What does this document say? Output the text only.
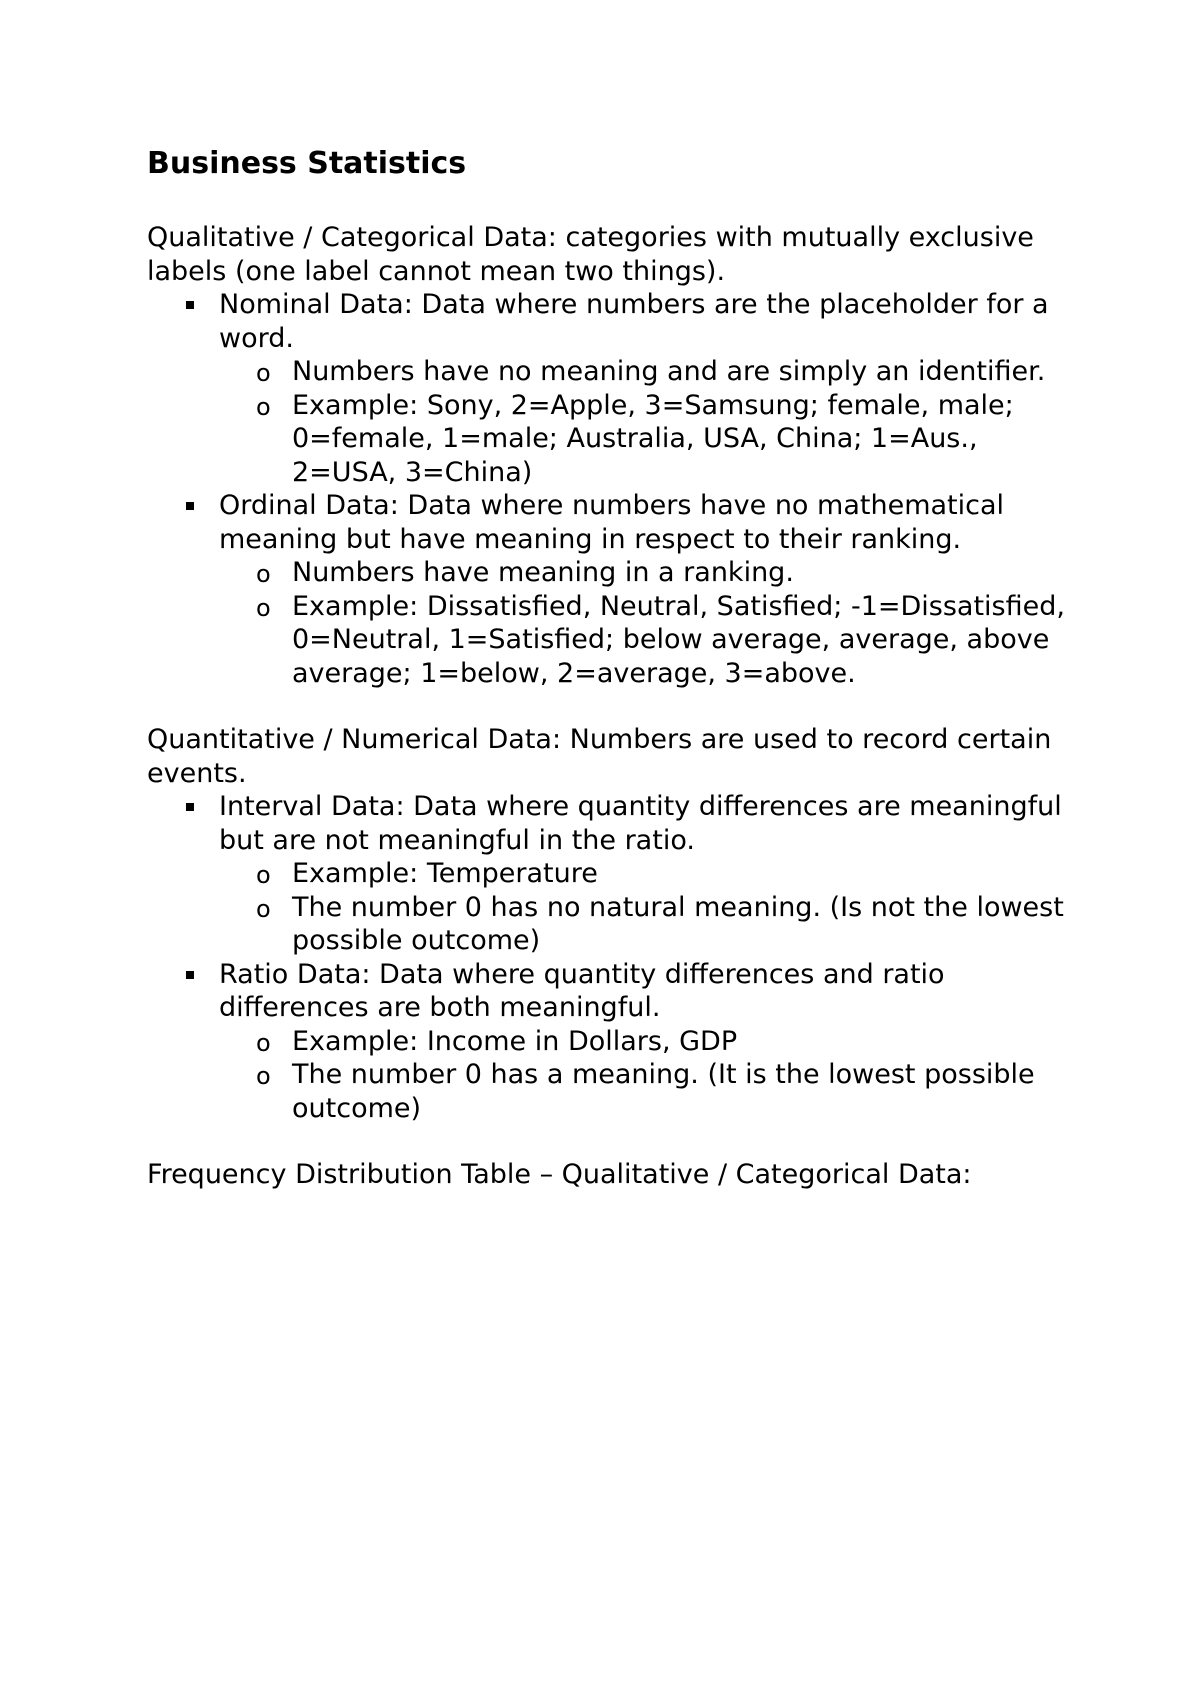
Business Statistics

Qualitative / Categorical Data: categories with mutually exclusive labels (one label cannot mean two things).

Nominal Data: Data where numbers are the placeholder for a word.
o Numbers have no meaning and are simply an identifier.
o Example: Sony, 2=Apple, 3=Samsung; female, male; 0=female, 1=male; Australia, USA, China; 1=Aus., 2=USA, 3=China)
Ordinal Data: Data where numbers have no mathematical meaning but have meaning in respect to their ranking.
o Numbers have meaning in a ranking.
o Example: Dissatisfied, Neutral, Satisfied; -1=Dissatisfied, 0=Neutral, 1=Satisfied; below average, average, above average; 1=below, 2=average, 3=above.

Quantitative / Numerical Data: Numbers are used to record certain events.

Interval Data: Data where quantity differences are meaningful but are not meaningful in the ratio.
o Example: Temperature
o The number 0 has no natural meaning. (Is not the lowest possible outcome)
Ratio Data: Data where quantity differences and ratio differences are both meaningful.
o Example: Income in Dollars, GDP
o The number 0 has a meaning. (It is the lowest possible outcome)

Frequency Distribution Table – Qualitative / Categorical Data:
